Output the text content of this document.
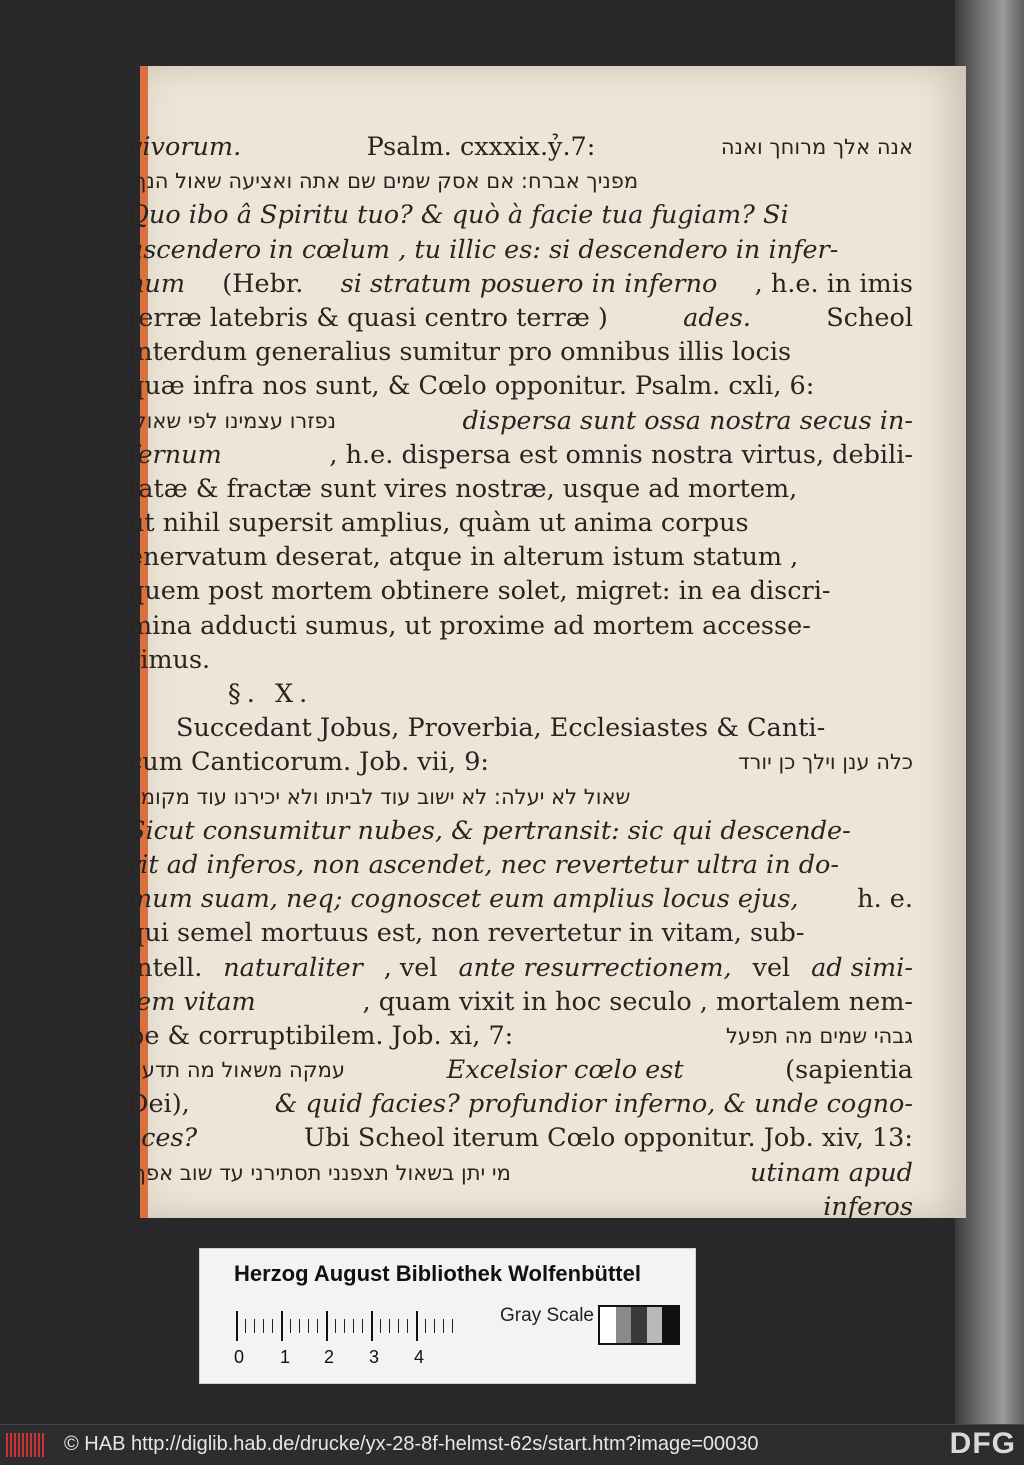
vivorum.	Psalm. cxxxix.ỷ.7:	אנה אלך מרוחך ואנה
מפניך אברח: אם אסק שמים שם אתה ואציעה שאול הנך:
Quo ibo â Spiritu tuo? & quò à facie tua fugiam? Si
ascendero in cœlum , tu illic es: si descendero in infer-
num (Hebr. si stratum posuero in inferno , h.e. in imis
terræ latebris & quasi centro terræ )	ades.	Scheol
interdum generalius sumitur pro omnibus illis locis
quæ infra nos sunt, & Cœlo opponitur. Psalm. cxli, 6:
נפזרו עצמינו לפי שאול,	dispersa sunt ossa nostra secus in-
fernum	, h.e. dispersa est omnis nostra virtus, debili-
tatæ & fractæ sunt vires nostræ, usque ad mortem,
ut nihil supersit amplius, quàm ut anima corpus
enervatum deserat, atque in alterum istum statum ,
quem post mortem obtinere solet, migret: in ea discri-
mina adducti sumus, ut proxime ad mortem accesse-
rimus.
§. X.
Succedant Jobus, Proverbia, Ecclesiastes & Canti-
cum Canticorum. Job. vii, 9:	כלה ענן וילך כן יורד
שאול לא יעלה: לא ישוב עוד לביתו ולא יכירנו עוד מקומו:
Sicut consumitur nubes, & pertransit: sic qui descende-
rit ad inferos, non ascendet, nec revertetur ultra in do-
mum suam, neq; cognoscet eum amplius locus ejus, h. e.
qui semel mortuus est, non revertetur in vitam, sub-
intell. naturaliter , vel ante resurrectionem, vel ad simi-
lem vitam	, quam vixit in hoc seculo , mortalem nem-
pe & corruptibilem. Job. xi, 7:	גבהי שמים מה תפעל
עמקה משאול מה תדע:,	Excelsior cœlo est	(sapientia
Dei),	& quid facies? profundior inferno, & unde cogno-
sces?	Ubi Scheol iterum Cœlo opponitur. Job. xiv, 13:
מי יתן בשאול תצפנני תסתירני עד שוב אפך,	utinam apud
inferos
Herzog August Bibliothek Wolfenbüttel
0 1 2 3 4
Gray Scale
© HAB http://diglib.hab.de/drucke/yx-28-8f-helmst-62s/start.htm?image=00030	DFG
